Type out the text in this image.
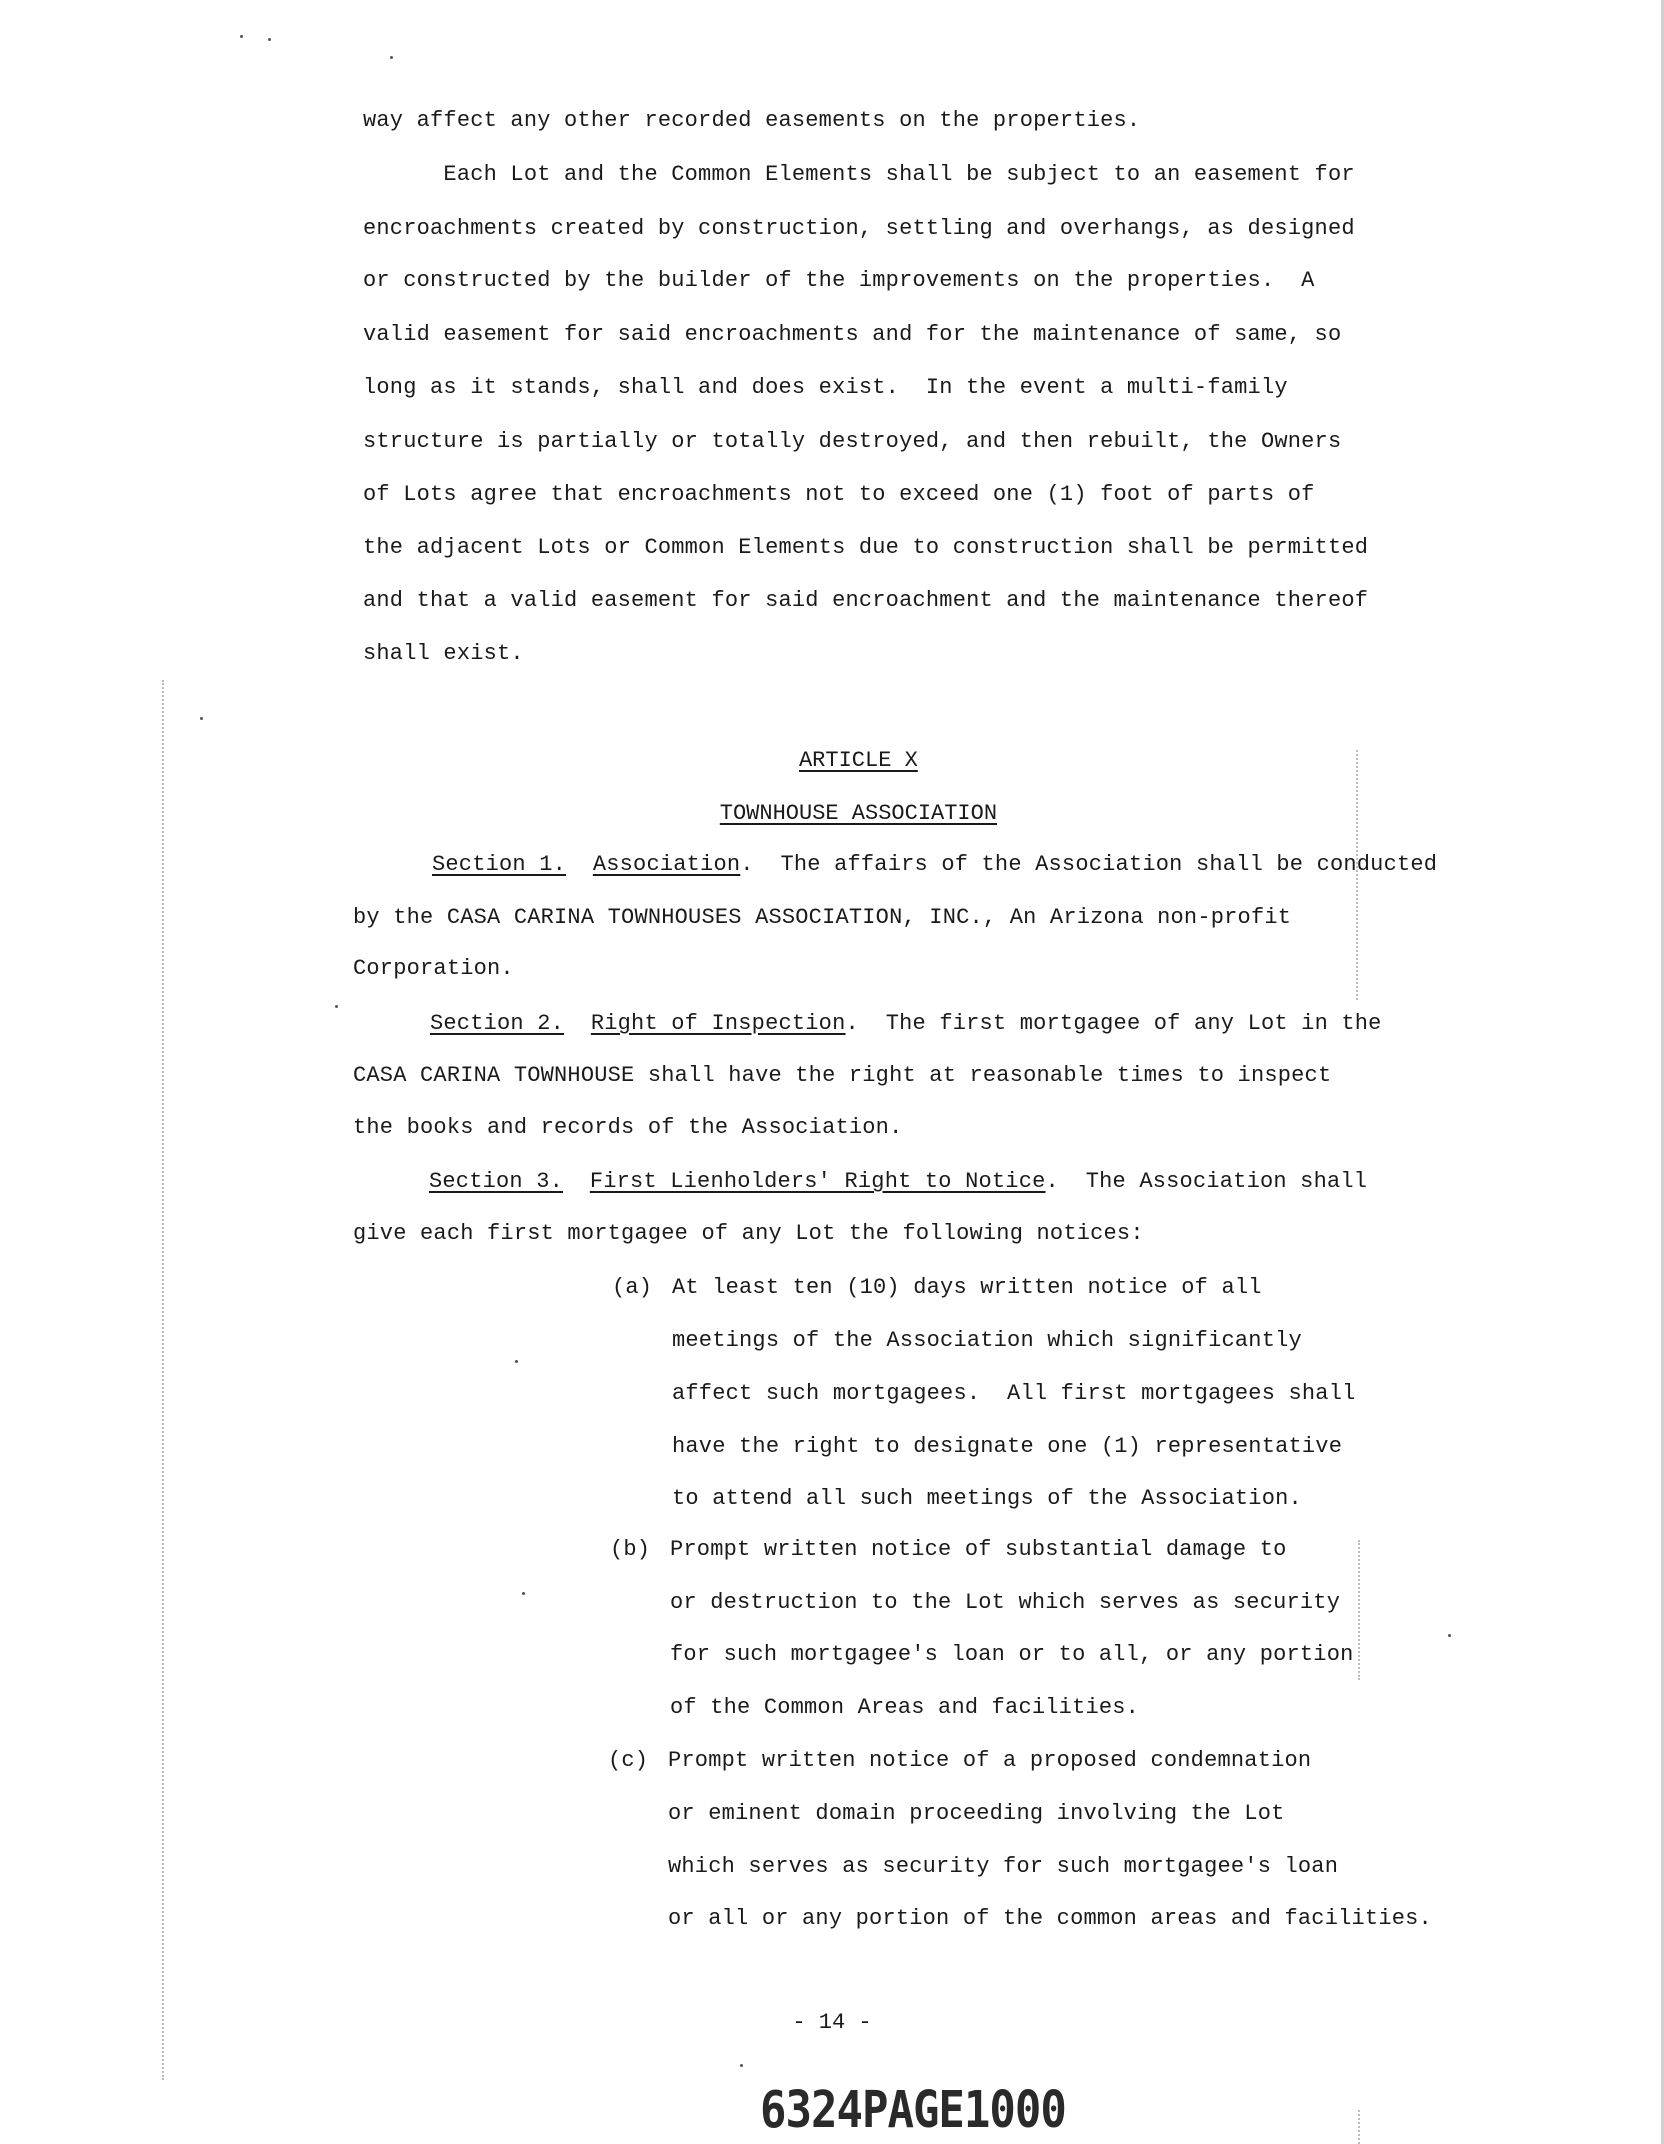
way affect any other recorded easements on the properties.
Each Lot and the Common Elements shall be subject to an easement for
encroachments created by construction, settling and overhangs, as designed
or constructed by the builder of the improvements on the properties.  A
valid easement for said encroachments and for the maintenance of same, so
long as it stands, shall and does exist.  In the event a multi-family
structure is partially or totally destroyed, and then rebuilt, the Owners
of Lots agree that encroachments not to exceed one (1) foot of parts of
the adjacent Lots or Common Elements due to construction shall be permitted
and that a valid easement for said encroachment and the maintenance thereof
shall exist.

ARTICLE X

TOWNHOUSE ASSOCIATION

Section 1. Association.  The affairs of the Association shall be conducted
by the CASA CARINA TOWNHOUSES ASSOCIATION, INC., An Arizona non-profit
Corporation.
Section 2. Right of Inspection.  The first mortgagee of any Lot in the
CASA CARINA TOWNHOUSE shall have the right at reasonable times to inspect
the books and records of the Association.
Section 3. First Lienholders' Right to Notice.  The Association shall
give each first mortgagee of any Lot the following notices:
(a) At least ten (10) days written notice of all
meetings of the Association which significantly
affect such mortgagees.  All first mortgagees shall
have the right to designate one (1) representative
to attend all such meetings of the Association.
(b) Prompt written notice of substantial damage to
or destruction to the Lot which serves as security
for such mortgagee's loan or to all, or any portion
of the Common Areas and facilities.
(c) Prompt written notice of a proposed condemnation
or eminent domain proceeding involving the Lot
which serves as security for such mortgagee's loan
or all or any portion of the common areas and facilities.
- 14 -
6324PAGE1000
